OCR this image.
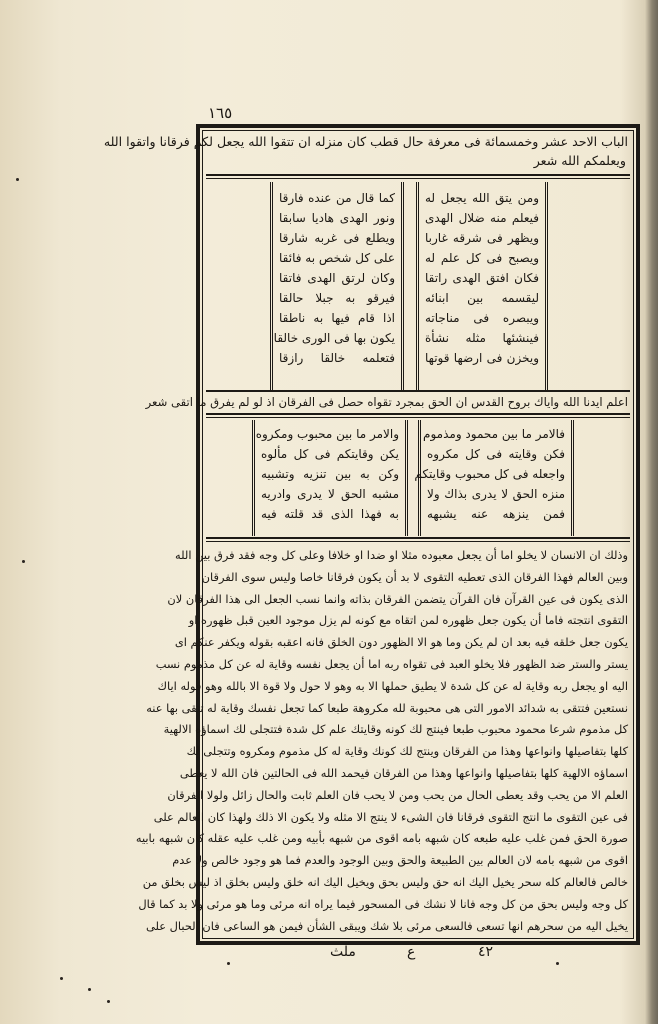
١٦٥
الباب الاحد عشر وخمسمائة فی معرفة حال قطب کان منزله ان تتقوا الله یجعل لکم فرقانا واتقوا الله
ویعلمکم الله شعر
ومن یتق الله یجعل له
فیعلم منه ضلال الهدی
ویظهر فی شرقه غاربا
ویصبح فی کل علم له
فکان افتق الهدی راتقا
لیقسمه بین ابنائه
ویبصره فی مناجاته
فینشئها مثله نشأة
ویخزن فی ارضها قوتها
کما قال من عنده فارقا
ونور الهدی هادیا سابقا
ویطلع فی غربه شارقا
علی کل شخص به فائقا
وکان لرتق الهدی فاتقا
فیرقو به جبلا حالقا
اذا قام فیها به ناطقا
یکون بها فی الوری خالقا
فتعلمه خالقا رازقا
اعلم ایدنا الله وایاك بروح القدس ان الحق بمجرد تقواه حصل فی الفرقان اذ لو لم یفرق ما اتقی شعر
فالامر ما بین محمود ومذموم
فکن وقایته فی کل مکروه
واجعله فی کل محبوب وقایتکم
منزه الحق لا یدری بذاك ولا
فمن ینزهه عنه یشبهه
والامر ما بین محبوب ومکروه
یکن وقایتکم فی کل مألوه
وکن به بین تنزیه وتشبیه
مشبه الحق لا یدری وادریه
به فهذا الذی قد قلته فیه
وذلك ان الانسان لا یخلو اما أن یجعل معبوده مثلا او ضدا او خلافا وعلی کل وجه فقد فرق بین الله
وبین العالم فهذا الفرقان الذی تعطیه التقوی لا بد أن یکون فرقانا خاصا ولیس سوی الفرقان
الذی یکون فی عین القرآن فان القرآن یتضمن الفرقان بذاته وانما نسب الجعل الی هذا الفرقان لان
التقوی انتجته فاما أن یکون جعل ظهوره لمن اتقاه مع کونه لم یزل موجود العین قبل ظهوره او
یکون جعل خلقه فیه بعد ان لم یکن وما هو الا الظهور دون الخلق فانه اعقبه بقوله ویکفر عنکم ای
یستر والستر ضد الظهور فلا یخلو العبد فی تقواه ربه اما أن یجعل نفسه وقایة له عن کل مذموم نسب
الیه او یجعل ربه وقایة له عن کل شدة لا یطیق حملها الا به وهو لا حول ولا قوة الا بالله وهو قوله ایاك
نستعین فتتقی به شدائد الامور التی هی محبوبة لله مکروهة طبعا کما تجعل نفسك وقایة له تتقی بها عنه
کل مذموم شرعا محمود محبوب طبعا فینتج لك کونه وقایتك علم کل شدة فتتجلی لك اسماؤه الالهیة
کلها بتفاصیلها وانواعها وهذا من الفرقان وینتج لك کونك وقایة له کل مذموم ومکروه وتتجلی لك
اسماؤه الالهیة کلها بتفاصیلها وانواعها وهذا من الفرقان فیحمد الله فی الحالتین فان الله لا یعطی
العلم الا من یحب وقد یعطی الحال من یحب ومن لا یحب فان العلم ثابت والحال زائل ولولا الفرقان
فی عین التقوی ما انتج التقوی فرقانا فان الشیء لا ینتج الا مثله ولا یکون الا ذلك ولهذا کان العالم علی
صورة الحق فمن غلب علیه طبعه کان شبهه بامه اقوی من شبهه بأبیه ومن غلب علیه عقله کان شبهه بابیه
اقوی من شبهه بامه لان العالم بین الطبیعة والحق وبین الوجود والعدم فما هو وجود خالص ولا عدم
خالص فالعالم کله سحر یخیل الیك انه حق ولیس بحق ویخیل الیك انه خلق ولیس بخلق اذ لیس بخلق من
کل وجه ولیس بحق من کل وجه فانا لا نشك فی المسحور فیما یراه انه مرئی وما هو مرئی ولا بد کما قال
یخیل الیه من سحرهم انها تسعی فالسعی مرئی بلا شك ویبقی الشأن فیمن هو الساعی فان الحبال علی
ملث	ع	٤٢
